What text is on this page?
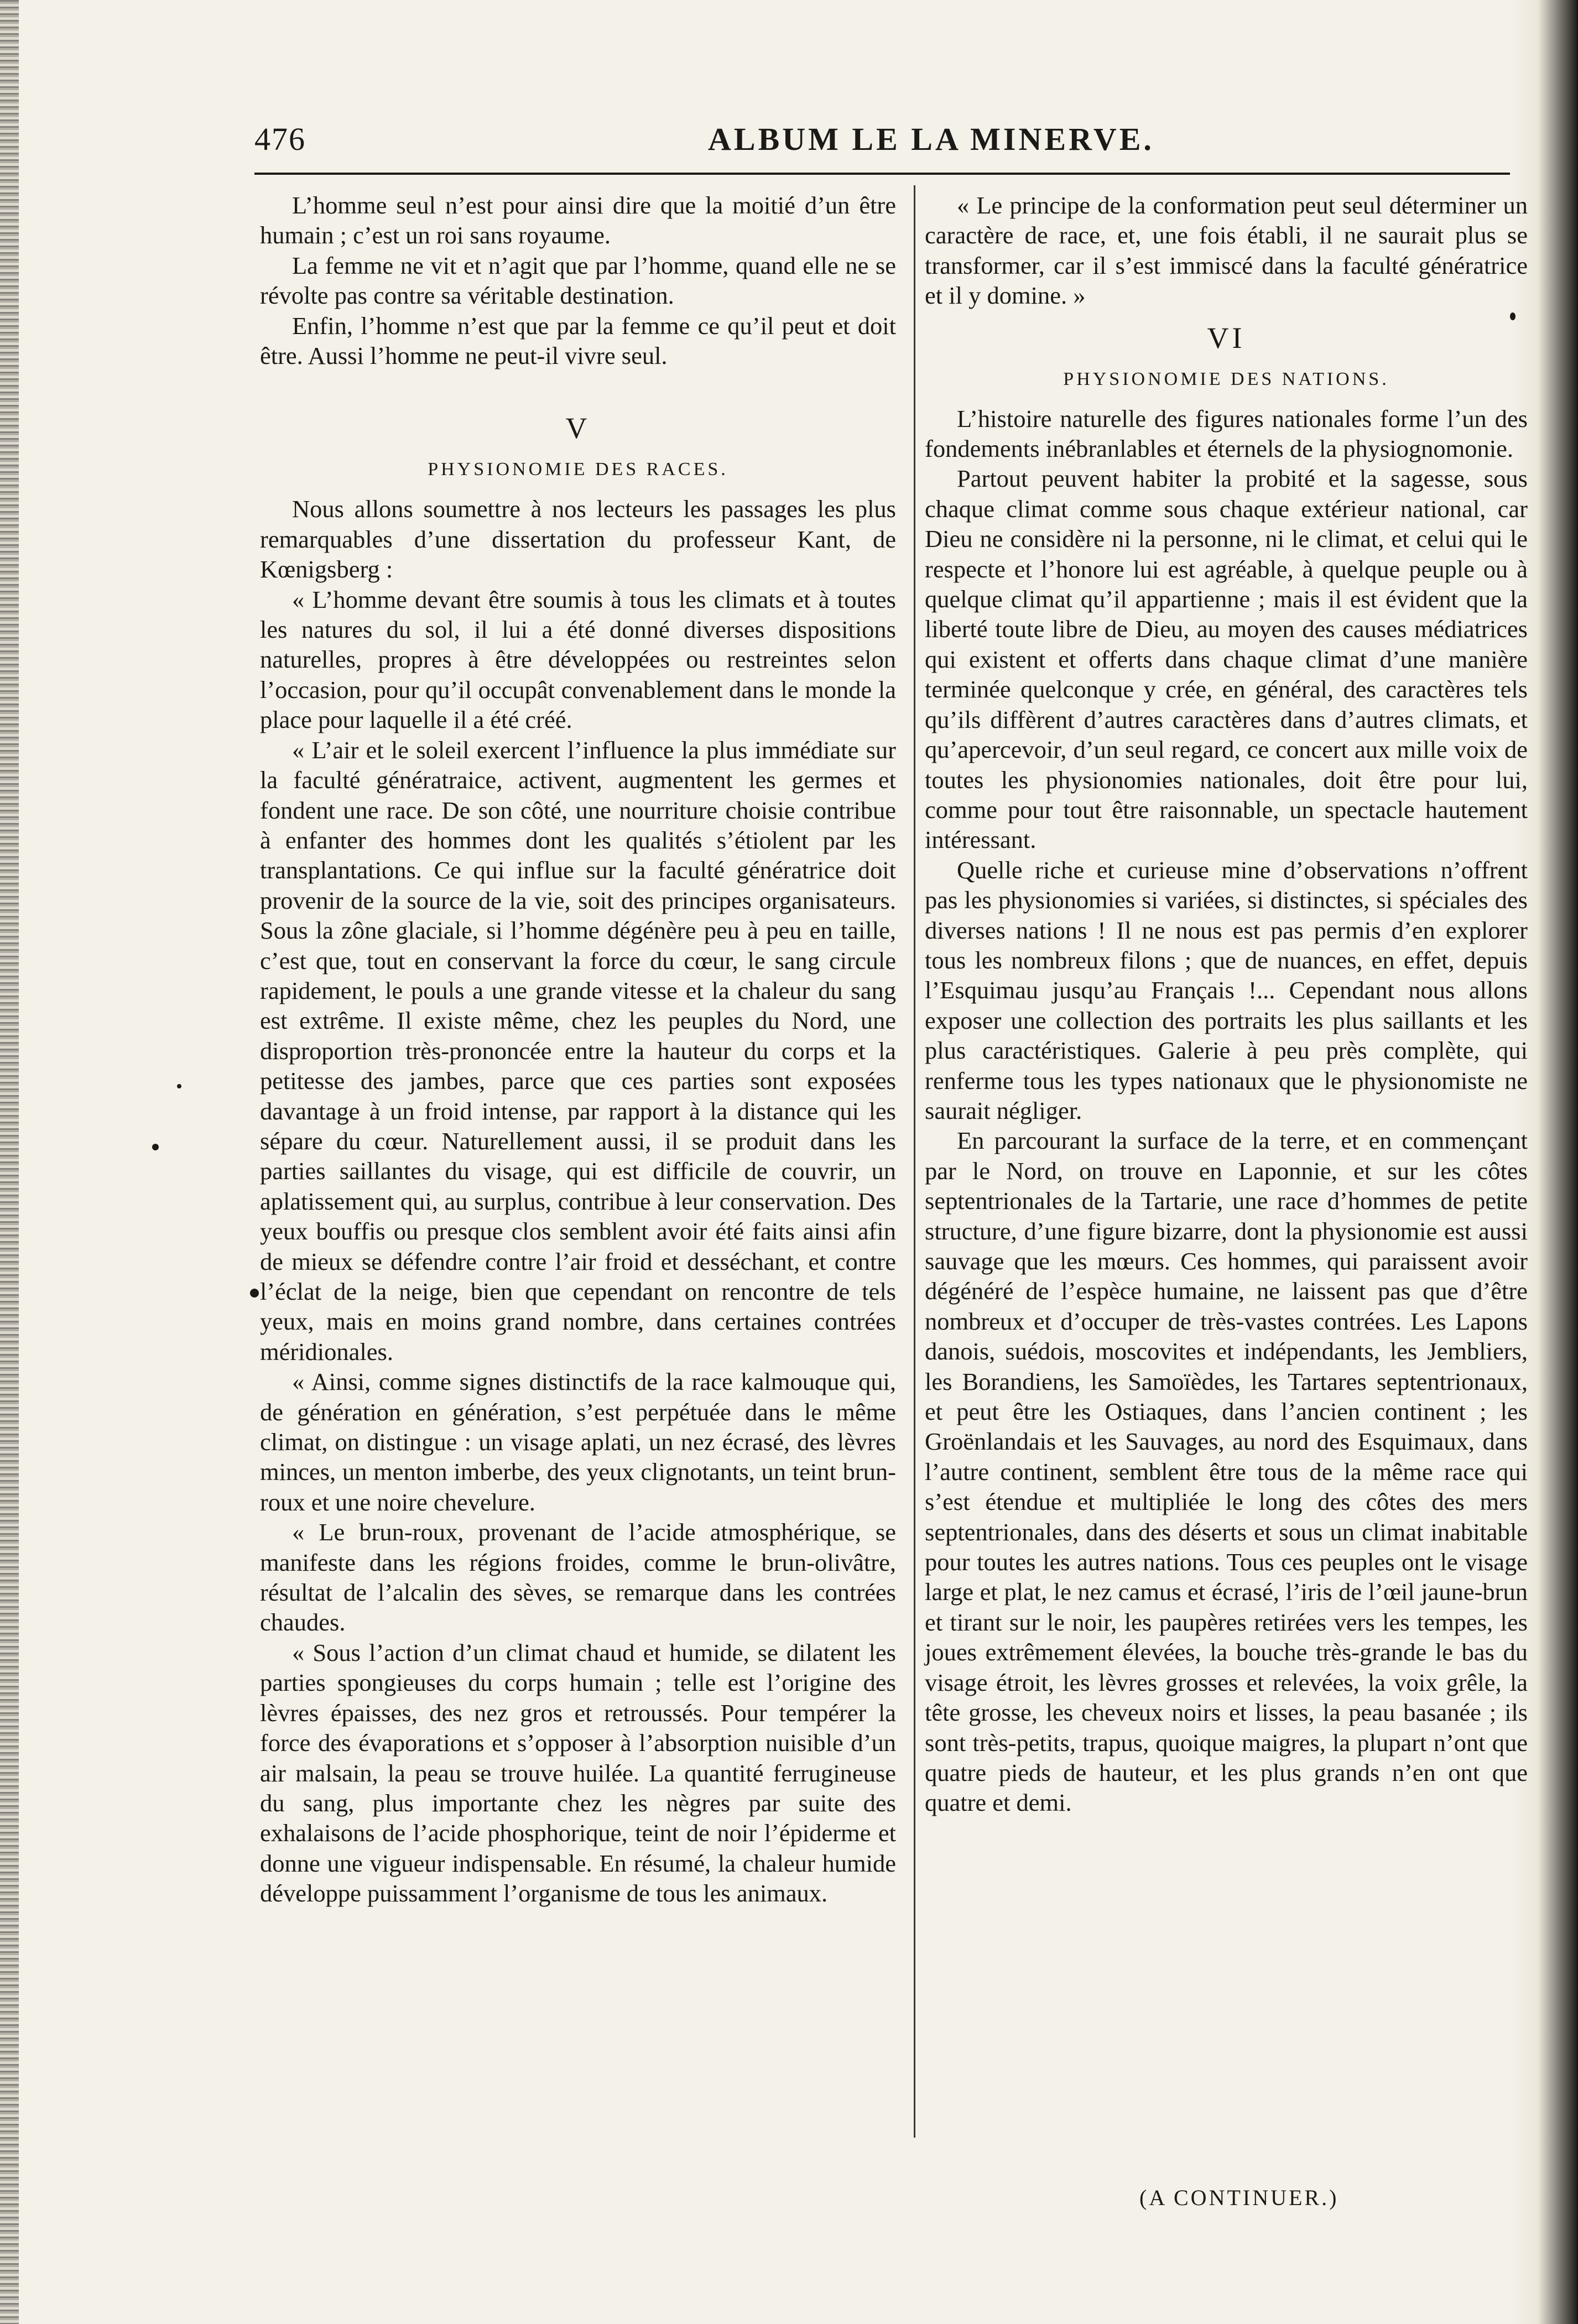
476	ALBUM LE LA MINERVE.

L’homme seul n’est pour ainsi dire que la moitié d’un être humain ; c’est un roi sans royaume.

La femme ne vit et n’agit que par l’homme, quand elle ne se révolte pas contre sa véritable destination.

Enfin, l’homme n’est que par la femme ce qu’il peut et doit être. Aussi l’homme ne peut-il vivre seul.

V
PHYSIONOMIE DES RACES.

Nous allons soumettre à nos lecteurs les passages les plus remarquables d’une dissertation du professeur Kant, de Kœnigsberg :

« L’homme devant être soumis à tous les climats et à toutes les natures du sol, il lui a été donné diverses dispositions naturelles, propres à être développées ou restreintes selon l’occasion, pour qu’il occupât convenablement dans le monde la place pour laquelle il a été créé.

« L’air et le soleil exercent l’influence la plus immédiate sur la faculté génératraice, activent, augmentent les germes et fondent une race. De son côté, une nourriture choisie contribue à enfanter des hommes dont les qualités s’étiolent par les transplantations. Ce qui influe sur la faculté génératrice doit provenir de la source de la vie, soit des principes organisateurs. Sous la zône glaciale, si l’homme dégénère peu à peu en taille, c’est que, tout en conservant la force du cœur, le sang circule rapidement, le pouls a une grande vitesse et la chaleur du sang est extrême. Il existe même, chez les peuples du Nord, une disproportion très-prononcée entre la hauteur du corps et la petitesse des jambes, parce que ces parties sont exposées davantage à un froid intense, par rapport à la distance qui les sépare du cœur. Naturellement aussi, il se produit dans les parties saillantes du visage, qui est difficile de couvrir, un aplatissement qui, au surplus, contribue à leur conservation. Des yeux bouffis ou presque clos semblent avoir été faits ainsi afin de mieux se défendre contre l’air froid et desséchant, et contre l’éclat de la neige, bien que cependant on rencontre de tels yeux, mais en moins grand nombre, dans certaines contrées méridionales.

« Ainsi, comme signes distinctifs de la race kalmouque qui, de génération en génération, s’est perpétuée dans le même climat, on distingue : un visage aplati, un nez écrasé, des lèvres minces, un menton imberbe, des yeux clignotants, un teint brun-roux et une noire chevelure.

« Le brun-roux, provenant de l’acide atmosphérique, se manifeste dans les régions froides, comme le brun-olivâtre, résultat de l’alcalin des sèves, se remarque dans les contrées chaudes.

« Sous l’action d’un climat chaud et humide, se dilatent les parties spongieuses du corps humain ; telle est l’origine des lèvres épaisses, des nez gros et retroussés. Pour tempérer la force des évaporations et s’opposer à l’absorption nuisible d’un air malsain, la peau se trouve huilée. La quantité ferrugineuse du sang, plus importante chez les nègres par suite des exhalaisons de l’acide phosphorique, teint de noir l’épiderme et donne une vigueur indispensable. En résumé, la chaleur humide développe puissamment l’organisme de tous les animaux.

« Le principe de la conformation peut seul déterminer un caractère de race, et, une fois établi, il ne saurait plus se transformer, car il s’est immiscé dans la faculté génératrice et il y domine. »

VI
PHYSIONOMIE DES NATIONS.

L’histoire naturelle des figures nationales forme l’un des fondements inébranlables et éternels de la physiognomonie.

Partout peuvent habiter la probité et la sagesse, sous chaque climat comme sous chaque extérieur national, car Dieu ne considère ni la personne, ni le climat, et celui qui le respecte et l’honore lui est agréable, à quelque peuple ou à quelque climat qu’il appartienne ; mais il est évident que la liberté toute libre de Dieu, au moyen des causes médiatrices qui existent et offerts dans chaque climat d’une manière terminée quelconque y crée, en général, des caractères tels qu’ils diffèrent d’autres caractères dans d’autres climats, et qu’apercevoir, d’un seul regard, ce concert aux mille voix de toutes les physionomies nationales, doit être pour lui, comme pour tout être raisonnable, un spectacle hautement intéressant.

Quelle riche et curieuse mine d’observations n’offrent pas les physionomies si variées, si distinctes, si spéciales des diverses nations ! Il ne nous est pas permis d’en explorer tous les nombreux filons ; que de nuances, en effet, depuis l’Esquimau jusqu’au Français !... Cependant nous allons exposer une collection des portraits les plus saillants et les plus caractéristiques. Galerie à peu près complète, qui renferme tous les types nationaux que le physionomiste ne saurait négliger.

En parcourant la surface de la terre, et en commençant par le Nord, on trouve en Laponnie, et sur les côtes septentrionales de la Tartarie, une race d’hommes de petite structure, d’une figure bizarre, dont la physionomie est aussi sauvage que les mœurs. Ces hommes, qui paraissent avoir dégénéré de l’espèce humaine, ne laissent pas que d’être nombreux et d’occuper de très-vastes contrées. Les Lapons danois, suédois, moscovites et indépendants, les Jembliers, les Borandiens, les Samoïèdes, les Tartares septentrionaux, et peut être les Ostiaques, dans l’ancien continent ; les Groënlandais et les Sauvages, au nord des Esquimaux, dans l’autre continent, semblent être tous de la même race qui s’est étendue et multipliée le long des côtes des mers septentrionales, dans des déserts et sous un climat inabitable pour toutes les autres nations. Tous ces peuples ont le visage large et plat, le nez camus et écrasé, l’iris de l’œil jaune-brun et tirant sur le noir, les paupères retirées vers les tempes, les joues extrêmement élevées, la bouche très-grande le bas du visage étroit, les lèvres grosses et relevées, la voix grêle, la tête grosse, les cheveux noirs et lisses, la peau basanée ; ils sont très-petits, trapus, quoique maigres, la plupart n’ont que quatre pieds de hauteur, et les plus grands n’en ont que quatre et demi.

(A CONTINUER.)
